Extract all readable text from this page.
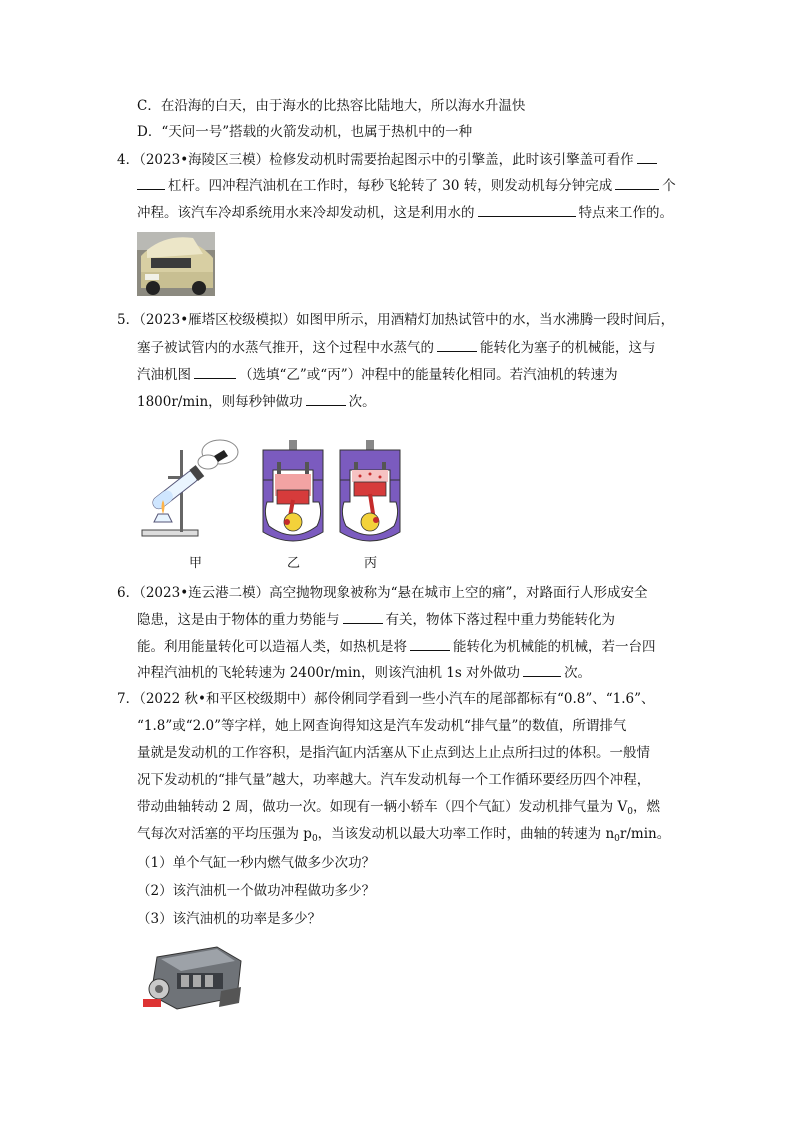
C．在沿海的白天，由于海水的比热容比陆地大，所以海水升温快
D．“天问一号”搭载的火箭发动机，也属于热机中的一种
4．（2023•海陵区三模）检修发动机时需要抬起图示中的引擎盖，此时该引擎盖可看作
杠杆。四冲程汽油机在工作时，每秒飞轮转了 30 转，则发动机每分钟完成	个
冲程。该汽车冷却系统用水来冷却发动机，这是利用水的	特点来工作的。
5．（2023•雁塔区校级模拟）如图甲所示，用酒精灯加热试管中的水，当水沸腾一段时间后，
塞子被试管内的水蒸气推开，这个过程中水蒸气的	能转化为塞子的机械能，这与
汽油机图	（选填“乙”或“丙”）冲程中的能量转化相同。若汽油机的转速为
1800r/min，则每秒钟做功	次。
甲	乙	丙
6．（2023•连云港二模）高空抛物现象被称为“悬在城市上空的痛”，对路面行人形成安全
隐患，这是由于物体的重力势能与	有关，物体下落过程中重力势能转化为
能。利用能量转化可以造福人类，如热机是将	能转化为机械能的机械，若一台四
冲程汽油机的飞轮转速为 2400r/min，则该汽油机 1s 对外做功	次。
7．（2022 秋•和平区校级期中）郝伶俐同学看到一些小汽车的尾部都标有“0.8”、“1.6”、
“1.8”或“2.0”等字样，她上网查询得知这是汽车发动机“排气量”的数值，所谓排气
量就是发动机的工作容积，是指汽缸内活塞从下止点到达上止点所扫过的体积。一般情
况下发动机的“排气量”越大，功率越大。汽车发动机每一个工作循环要经历四个冲程，
带动曲轴转动 2 周，做功一次。如现有一辆小轿车（四个气缸）发动机排气量为 $V_0$，燃
气每次对活塞的平均压强为 $p_0$，当该发动机以最大功率工作时，曲轴的转速为 $n_0r/\min$。
（1）单个气缸一秒内燃气做多少次功？
（2）该汽油机一个做功冲程做功多少？
（3）该汽油机的功率是多少？
